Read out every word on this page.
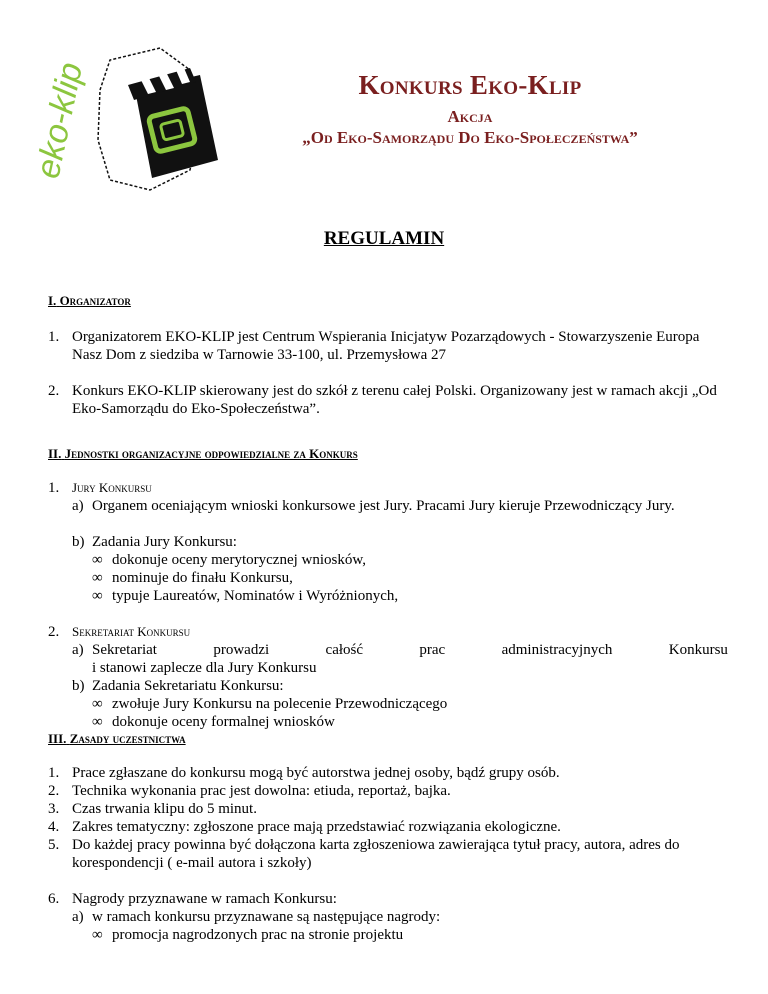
eko-klip	Konkurs Eko-Klip
Akcja
„Od Eko-Samorządu Do Eko-Społeczeństwa”
REGULAMIN
I. Organizator
1. Organizatorem EKO-KLIP jest Centrum Wspierania Inicjatyw Pozarządowych - Stowarzyszenie Europa Nasz Dom z siedziba w Tarnowie 33-100, ul. Przemysłowa 27
2. Konkurs EKO-KLIP skierowany jest do szkół z terenu całej Polski. Organizowany jest w ramach akcji „Od Eko-Samorządu do Eko-Społeczeństwa”.
II. Jednostki organizacyjne odpowiedzialne za Konkurs
1. Jury Konkursu
a) Organem oceniającym wnioski konkursowe jest Jury. Pracami Jury kieruje Przewodniczący Jury.
b) Zadania Jury Konkursu:
∞ dokonuje oceny merytorycznej wniosków,
∞ nominuje do finału Konkursu,
∞ typuje Laureatów, Nominatów i Wyróżnionych,
2. Sekretariat Konkursu
a) Sekretariat	prowadzi	całość	prac	administracyjnych	Konkursu
i stanowi zaplecze dla Jury Konkursu
b) Zadania Sekretariatu Konkursu:
∞ zwołuje Jury Konkursu na polecenie Przewodniczącego
∞ dokonuje oceny formalnej wniosków
III. Zasady uczestnictwa
1. Prace zgłaszane do konkursu mogą być autorstwa jednej osoby, bądź grupy osób.
2. Technika wykonania prac jest dowolna: etiuda, reportaż, bajka.
3. Czas trwania klipu do 5 minut.
4. Zakres tematyczny: zgłoszone prace mają przedstawiać rozwiązania ekologiczne.
5. Do każdej pracy powinna być dołączona karta zgłoszeniowa zawierająca tytuł pracy, autora, adres do korespondencji ( e-mail autora i szkoły)
6. Nagrody przyznawane w ramach Konkursu:
a) w ramach konkursu przyznawane są następujące nagrody:
∞ promocja nagrodzonych prac na stronie projektu
